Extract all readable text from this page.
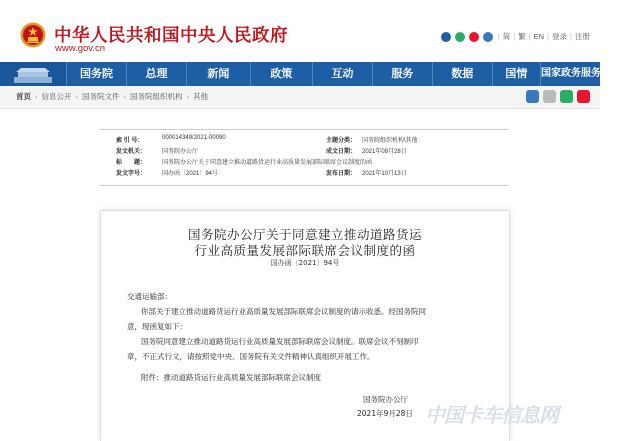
中华人民共和国中央人民政府
www.gov.cn
| 简 | 繁 | EN | 登录 | 注册
国务院	总理	新闻	政策	互动	服务	数据	国情	国家政务服务平台
首页 › 信息公开 › 国务院文件 › 国务院组织机构 › 其他
索 引 号：	000014349/2021-00090	主题分类： 国务院组织机构\其他
发文机关：	国务院办公厅	成文日期： 2021年09月28日
标　　题：	国务院办公厅关于同意建立推动道路货运行业高质量发展部际联席会议制度的函
发文字号：	国办函〔2021〕94号	发布日期： 2021年10月13日
国务院办公厅关于同意建立推动道路货运
行业高质量发展部际联席会议制度的函
国办函〔2021〕94号
交通运输部：
你部关于建立推动道路货运行业高质量发展部际联席会议制度的请示收悉。经国务院同
意，现函复如下：
国务院同意建立推动道路货运行业高质量发展部际联席会议制度。联席会议不刻制印
章，不正式行文，请按照党中央、国务院有关文件精神认真组织开展工作。
附件：推动道路货运行业高质量发展部际联席会议制度
国务院办公厅
2021年9月28日 中国卡车信息网
